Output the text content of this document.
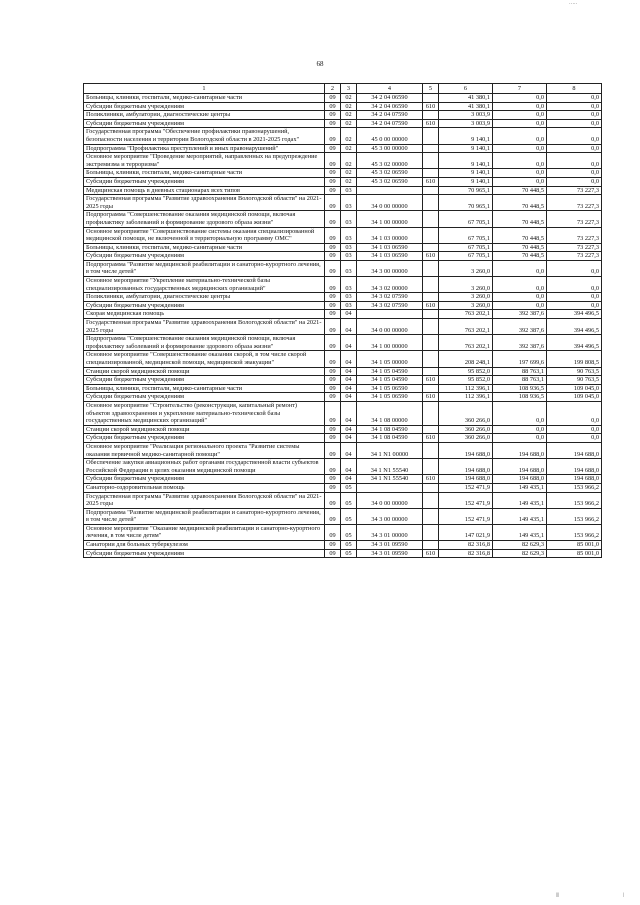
68
1	2	3	4	5	6	7	8
Больницы, клиники, госпитали, медико-санитарные части	09	02	34 2 04 06590		41 380,1	0,0	0,0
Субсидии бюджетным учреждениям	09	02	34 2 04 06590	610	41 380,1	0,0	0,0
Поликлиники, амбулатории, диагностические центры	09	02	34 2 04 07590		3 003,9	0,0	0,0
Субсидии бюджетным учреждениям	09	02	34 2 04 07590	610	3 003,9	0,0	0,0
Государственная программа "Обеспечение профилактики правонарушений, безопасности населения и территории Вологодской области в 2021-2025 годах"	09	02	45 0 00 00000		9 140,1	0,0	0,0
Подпрограмма "Профилактика преступлений и иных правонарушений"	09	02	45 3 00 00000		9 140,1	0,0	0,0
Основное мероприятие "Проведение мероприятий, направленных на предупреждение экстремизма и терроризма"	09	02	45 3 02 00000		9 140,1	0,0	0,0
Больницы, клиники, госпитали, медико-санитарные части	09	02	45 3 02 06590		9 140,1	0,0	0,0
Субсидии бюджетным учреждениям	09	02	45 3 02 06590	610	9 140,1	0,0	0,0
Медицинская помощь в дневных стационарах всех типов	09	03			70 965,1	70 448,5	73 227,3
Государственная программа "Развитие здравоохранения Вологодской области" на 2021-2025 годы	09	03	34 0 00 00000		70 965,1	70 448,5	73 227,3
Подпрограмма "Совершенствование оказания медицинской помощи, включая профилактику заболеваний и формирование здорового образа жизни"	09	03	34 1 00 00000		67 705,1	70 448,5	73 227,3
Основное мероприятие "Совершенствование системы оказания специализированной медицинской помощи, не включенной в территориальную программу ОМС"	09	03	34 1 03 00000		67 705,1	70 448,5	73 227,3
Больницы, клиники, госпитали, медико-санитарные части	09	03	34 1 03 06590		67 705,1	70 448,5	73 227,3
Субсидии бюджетным учреждениям	09	03	34 1 03 06590	610	67 705,1	70 448,5	73 227,3
Подпрограмма "Развитие медицинской реабилитации и санаторно-курортного лечения, в том числе детей"	09	03	34 3 00 00000		3 260,0	0,0	0,0
Основное мероприятие "Укрепление материально-технической базы специализированных государственных медицинских организаций"	09	03	34 3 02 00000		3 260,0	0,0	0,0
Поликлиники, амбулатории, диагностические центры	09	03	34 3 02 07590		3 260,0	0,0	0,0
Субсидии бюджетным учреждениям	09	03	34 3 02 07590	610	3 260,0	0,0	0,0
Скорая медицинская помощь	09	04			763 202,1	392 387,6	394 496,5
Государственная программа "Развитие здравоохранения Вологодской области" на 2021-2025 годы	09	04	34 0 00 00000		763 202,1	392 387,6	394 496,5
Подпрограмма "Совершенствование оказания медицинской помощи, включая профилактику заболеваний и формирование здорового образа жизни"	09	04	34 1 00 00000		763 202,1	392 387,6	394 496,5
Основное мероприятие "Совершенствование оказания скорой, в том числе скорой специализированной, медицинской помощи, медицинской эвакуации"	09	04	34 1 05 00000		208 248,1	197 699,6	199 808,5
Станции скорой медицинской помощи	09	04	34 1 05 04590		95 852,0	88 763,1	90 763,5
Субсидии бюджетным учреждениям	09	04	34 1 05 04590	610	95 852,0	88 763,1	90 763,5
Больницы, клиники, госпитали, медико-санитарные части	09	04	34 1 05 06590		112 396,1	108 936,5	109 045,0
Субсидии бюджетным учреждениям	09	04	34 1 05 06590	610	112 396,1	108 936,5	109 045,0
Основное мероприятие "Строительство (реконструкция, капитальный ремонт) объектов здравоохранения и укрепление материально-технической базы государственных медицинских организаций"	09	04	34 1 08 00000		360 266,0	0,0	0,0
Станции скорой медицинской помощи	09	04	34 1 08 04590		360 266,0	0,0	0,0
Субсидии бюджетным учреждениям	09	04	34 1 08 04590	610	360 266,0	0,0	0,0
Основное мероприятие "Реализация регионального проекта "Развитие системы оказания первичной медико-санитарной помощи"	09	04	34 1 N1 00000		194 688,0	194 688,0	194 688,0
Обеспечение закупки авиационных работ органами государственной власти субъектов Российской Федерации в целях оказания медицинской помощи	09	04	34 1 N1 55540		194 688,0	194 688,0	194 688,0
Субсидии бюджетным учреждениям	09	04	34 1 N1 55540	610	194 688,0	194 688,0	194 688,0
Санаторно-оздоровительная помощь	09	05			152 471,9	149 435,1	153 966,2
Государственная программа "Развитие здравоохранения Вологодской области" на 2021-2025 годы	09	05	34 0 00 00000		152 471,9	149 435,1	153 966,2
Подпрограмма "Развитие медицинской реабилитации и санаторно-курортного лечения, в том числе детей"	09	05	34 3 00 00000		152 471,9	149 435,1	153 966,2
Основное мероприятие "Оказание медицинской реабилитации и санаторно-курортного лечения, в том числе детям"	09	05	34 3 01 00000		147 021,9	149 435,1	153 966,2
Санатории для больных туберкулезом	09	05	34 3 01 09590		82 316,8	82 629,3	85 001,0
Субсидии бюджетным учреждениям	09	05	34 3 01 09590	610	82 316,8	82 629,3	85 001,0
·····
|||	|
